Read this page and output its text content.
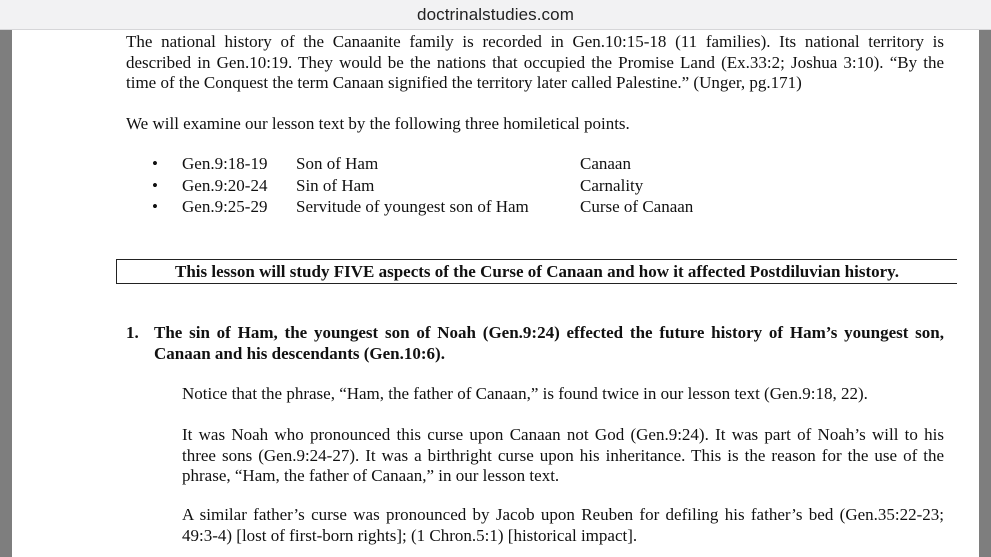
doctrinalstudies.com
The national history of the Canaanite family is recorded in Gen.10:15-18 (11 families). Its national territory is
described in Gen.10:19. They would be the nations that occupied the Promise Land (Ex.33:2; Joshua 3:10). “By the
time of the Conquest the term Canaan signified the territory later called Palestine.” (Unger, pg.171)
We will examine our lesson text by the following three homiletical points.
• Gen.9:18-19 Son of Ham	Canaan
• Gen.9:20-24 Sin of Ham	Carnality
• Gen.9:25-29 Servitude of youngest son of Ham	Curse of Canaan
This lesson will study FIVE aspects of the Curse of Canaan and how it affected Postdiluvian history.
1. The sin of Ham, the youngest son of Noah (Gen.9:24) effected the future history of Ham’s youngest son,
Canaan and his descendants (Gen.10:6).
Notice that the phrase, “Ham, the father of Canaan,” is found twice in our lesson text (Gen.9:18, 22).
It was Noah who pronounced this curse upon Canaan not God (Gen.9:24). It was part of Noah’s will to his
three sons (Gen.9:24-27). It was a birthright curse upon his inheritance. This is the reason for the use of the
phrase, “Ham, the father of Canaan,” in our lesson text.
A similar father’s curse was pronounced by Jacob upon Reuben for defiling his father’s bed (Gen.35:22-23;
49:3-4) [lost of first-born rights]; (1 Chron.5:1) [historical impact].
